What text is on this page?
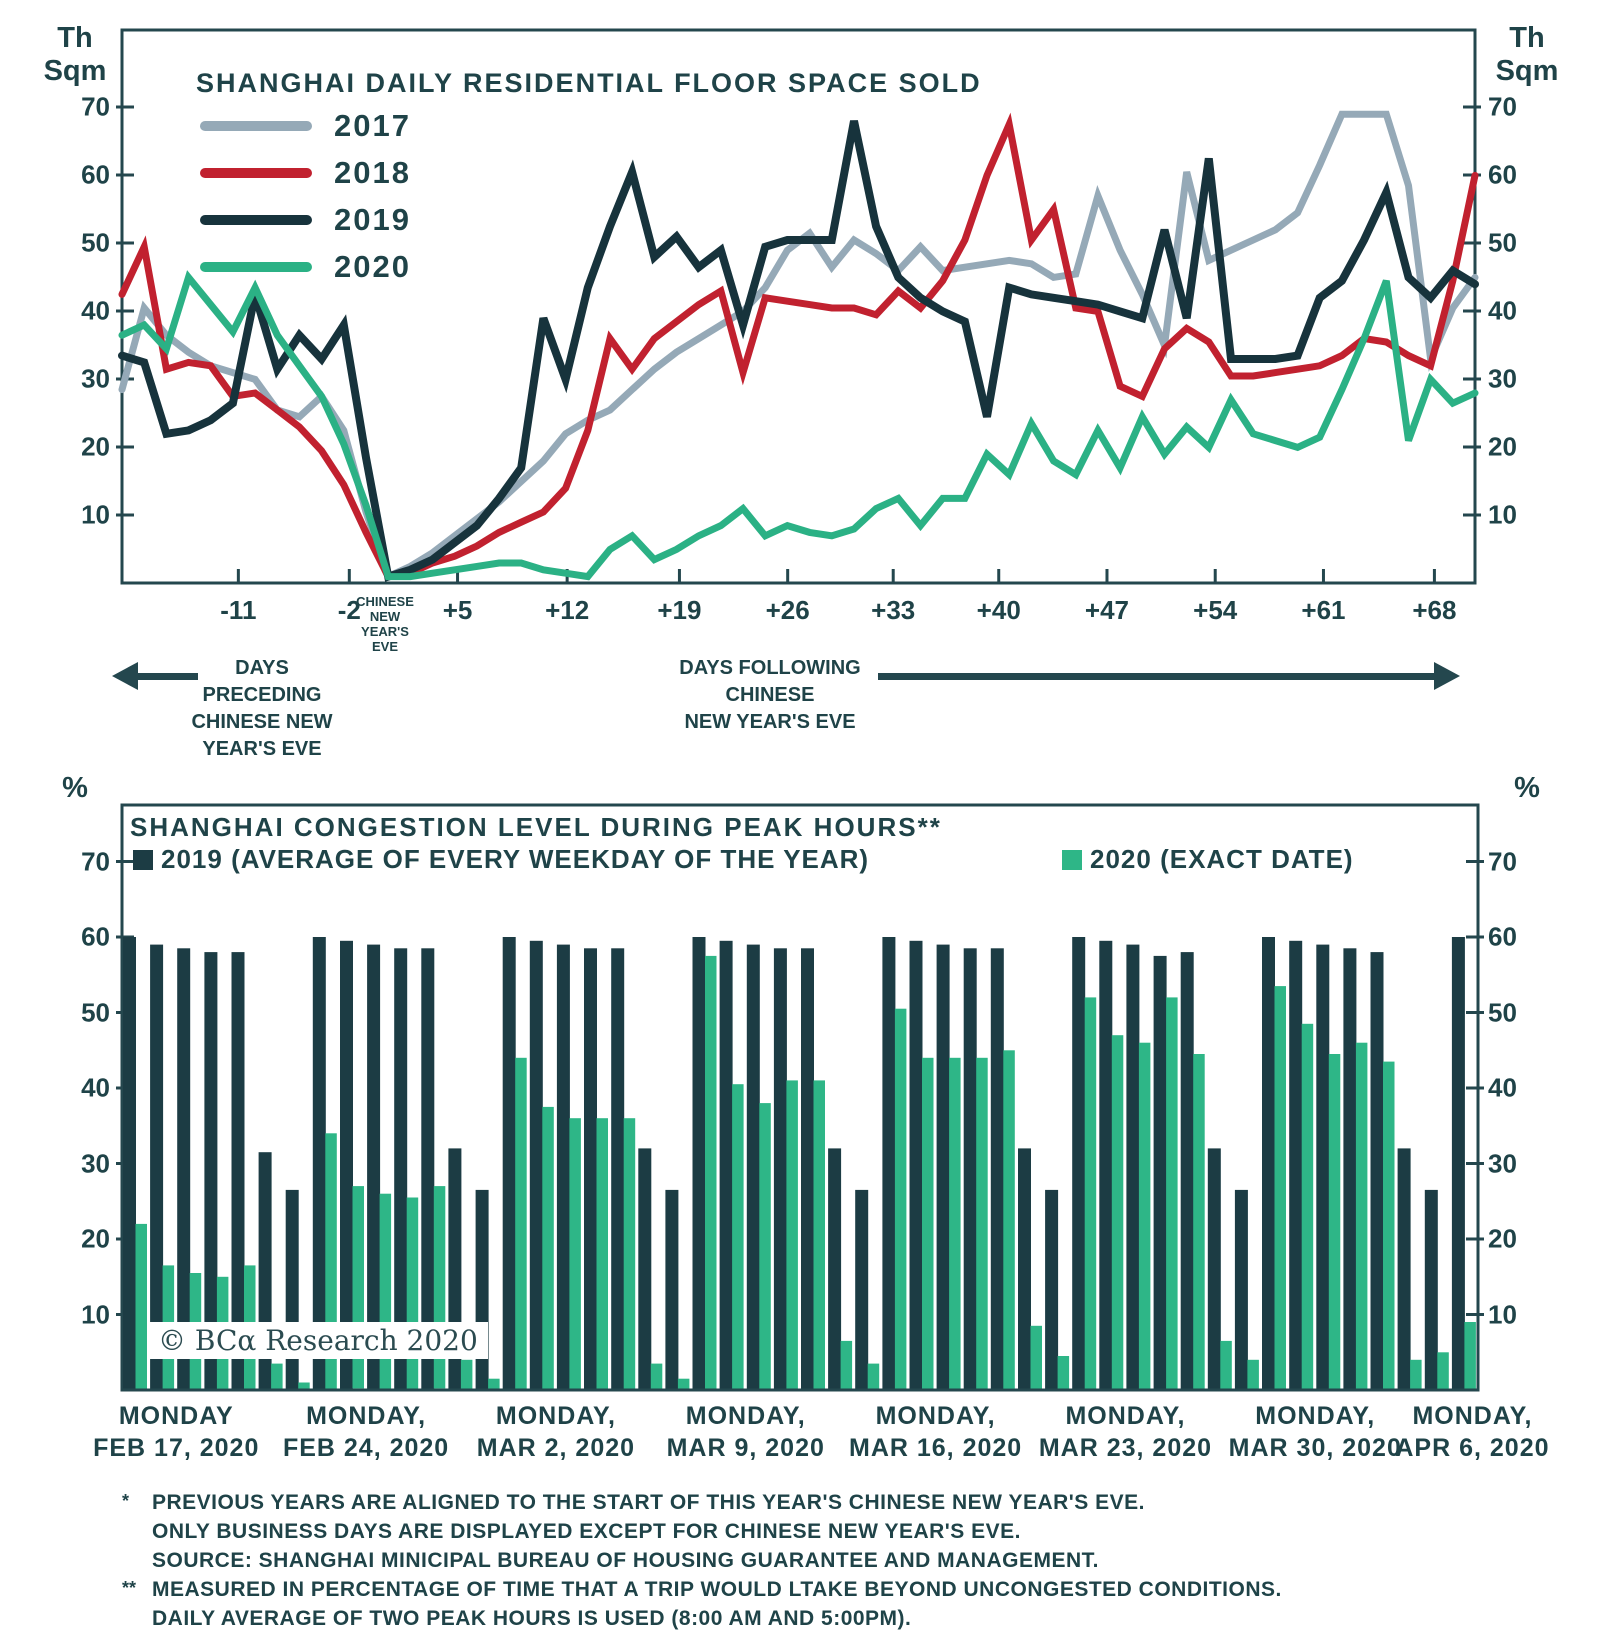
Th
Sqm
Th
Sqm
SHANGHAI DAILY RESIDENTIAL FLOOR SPACE SOLD
2017
2018
2019
2020
70
60
50
40
30
20
10
70
60
50
40
30
20
10
-11	-2	+5	+12	+19 +26 +33 +40 +47 +54 +61	+68
CHINESE
NEW
YEAR'S
EVE
DAYS
PRECEDING
CHINESE NEW
YEAR'S EVE
DAYS FOLLOWING
CHINESE
NEW YEAR'S EVE
%	%
SHANGHAI CONGESTION LEVEL DURING PEAK HOURS**
2019 (AVERAGE OF EVERY WEEKDAY OF THE YEAR)	2020 (EXACT DATE)
70
60
50
40
30
20
10
70
60
50
40
30
20
10
MONDAY
FEB 17, 2020
MONDAY,
FEB 24, 2020
MONDAY,
MAR 2, 2020
MONDAY,
MAR 9, 2020
MONDAY,
MAR 16, 2020
MONDAY,
MAR 23, 2020
MONDAY,
MAR 30, 2020
MONDAY,
APR 6, 2020
© BCα Research 2020
*	PREVIOUS YEARS ARE ALIGNED TO THE START OF THIS YEAR'S CHINESE NEW YEAR'S EVE.
ONLY BUSINESS DAYS ARE DISPLAYED EXCEPT FOR CHINESE NEW YEAR'S EVE.
SOURCE: SHANGHAI MINICIPAL BUREAU OF HOUSING GUARANTEE AND MANAGEMENT.
** MEASURED IN PERCENTAGE OF TIME THAT A TRIP WOULD LTAKE BEYOND UNCONGESTED CONDITIONS.
DAILY AVERAGE OF TWO PEAK HOURS IS USED (8:00 AM AND 5:00PM).
